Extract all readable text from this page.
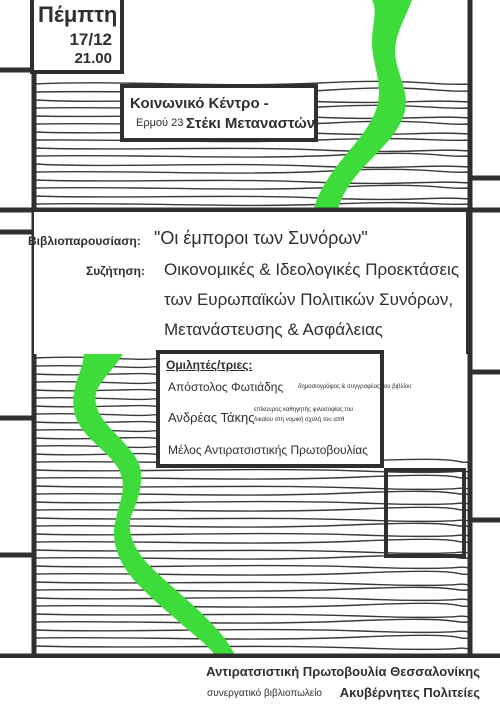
Πέμπτη
17/12
21.00
Κοινωνικό Κέντρο -
Ερμού 23 Στέκι Μεταναστών
Βιβλιοπαρουσίαση: "Οι έμποροι των Συνόρων"
Συζήτηση: Οικονομικές & Ιδεολογικές Προεκτάσεις
των Ευρωπαϊκών Πολιτικών Συνόρων,
Μετανάστευσης & Ασφάλειας
Ομιλητές/τριες:
Απόστολος Φωτιάδης δημοσιογράφος & συγγραφέας του βιβλίου
Ανδρέας Τάκης επίκουρος καθηγητής φιλοσοφίας του
δικαίου στη νομική σχολή του απθ
Μέλος Αντιρατσιστικής Πρωτοβουλίας
Αντιρατσιστική Πρωτοβουλία Θεσσαλονίκης
συνεργατικό βιβλιοπωλείο Ακυβέρνητες Πολιτείες
